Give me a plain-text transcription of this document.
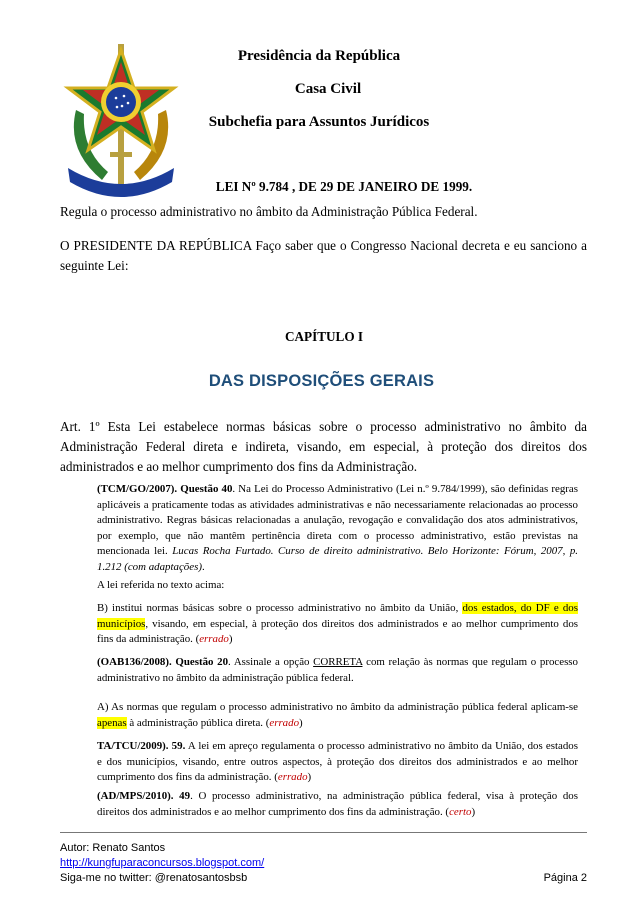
Presidência da República
Casa Civil
Subchefia para Assuntos Jurídicos
LEI Nº 9.784 , DE 29 DE JANEIRO DE 1999.
Regula o processo administrativo no âmbito da Administração Pública Federal.
O PRESIDENTE DA REPÚBLICA Faço saber que o Congresso Nacional decreta e eu sanciono a seguinte Lei:
CAPÍTULO I
DAS DISPOSIÇÕES GERAIS
Art. 1º Esta Lei estabelece normas básicas sobre o processo administrativo no âmbito da Administração Federal direta e indireta, visando, em especial, à proteção dos direitos dos administrados e ao melhor cumprimento dos fins da Administração.

(TCM/GO/2007). Questão 40. Na Lei do Processo Administrativo (Lei n.º 9.784/1999), são definidas regras aplicáveis a praticamente todas as atividades administrativas e não necessariamente relacionadas ao processo administrativo. Regras básicas relacionadas a anulação, revogação e convalidação dos atos administrativos, por exemplo, que não mantêm pertinência direta com o processo administrativo, estão previstas na mencionada lei. Lucas Rocha Furtado. Curso de direito administrativo. Belo Horizonte: Fórum, 2007, p. 1.212 (com adaptações).

A lei referida no texto acima:

B) institui normas básicas sobre o processo administrativo no âmbito da União, dos estados, do DF e dos municípios, visando, em especial, à proteção dos direitos dos administrados e ao melhor cumprimento dos fins da administração. (errado)

(OAB136/2008). Questão 20. Assinale a opção CORRETA com relação às normas que regulam o processo administrativo no âmbito da administração pública federal.

A) As normas que regulam o processo administrativo no âmbito da administração pública federal aplicam-se apenas à administração pública direta. (errado)

TA/TCU/2009). 59. A lei em apreço regulamenta o processo administrativo no âmbito da União, dos estados e dos municípios, visando, entre outros aspectos, à proteção dos direitos dos administrados e ao melhor cumprimento dos fins da administração. (errado)

(AD/MPS/2010). 49. O processo administrativo, na administração pública federal, visa à proteção dos direitos dos administrados e ao melhor cumprimento dos fins da administração. (certo)

Autor: Renato Santos
http://kungfuparaconcursos.blogspot.com/
Siga-me no twitter: @renatosantosbsb	Página 2
